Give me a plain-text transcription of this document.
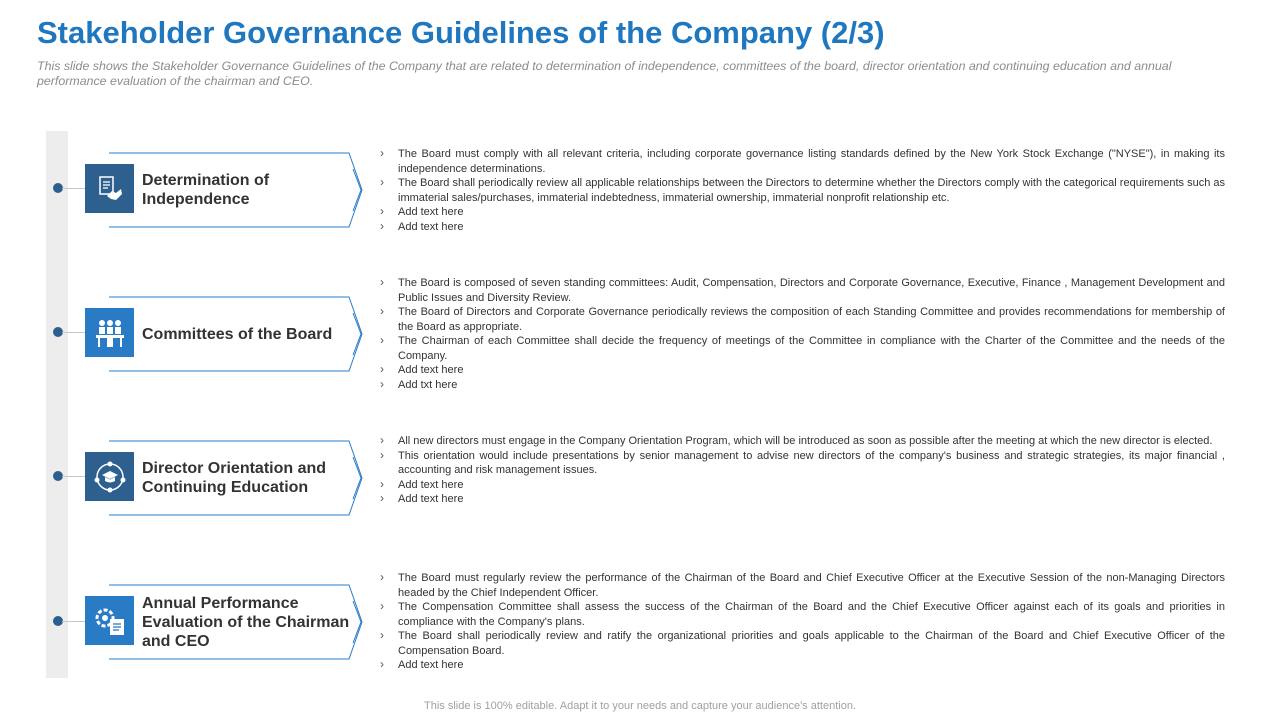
Stakeholder Governance Guidelines of the Company (2/3)
This slide shows the Stakeholder Governance Guidelines of the Company that are related to determination of independence, committees of the board, director orientation and continuing education and annual performance evaluation of the chairman and CEO.
Determination of Independence
› The Board must comply with all relevant criteria, including corporate governance listing standards defined by the New York Stock Exchange ("NYSE"), in making its independence determinations.
› The Board shall periodically review all applicable relationships between the Directors to determine whether the Directors comply with the categorical requirements such as immaterial sales/purchases, immaterial indebtedness, immaterial ownership, immaterial nonprofit relationship etc.
› Add text here
› Add text here
Committees of the Board
› The Board is composed of seven standing committees: Audit, Compensation, Directors and Corporate Governance, Executive, Finance , Management Development and Public Issues and Diversity Review.
› The Board of Directors and Corporate Governance periodically reviews the composition of each Standing Committee and provides recommendations for membership of the Board as appropriate.
› The Chairman of each Committee shall decide the frequency of meetings of the Committee in compliance with the Charter of the Committee and the needs of the Company.
› Add text here
› Add txt here
Director Orientation and Continuing Education
› All new directors must engage in the Company Orientation Program, which will be introduced as soon as possible after the meeting at which the new director is elected.
› This orientation would include presentations by senior management to advise new directors of the company's business and strategic strategies, its major financial , accounting and risk management issues.
› Add text here
› Add text here
Annual Performance Evaluation of the Chairman and CEO
› The Board must regularly review the performance of the Chairman of the Board and Chief Executive Officer at the Executive Session of the non-Managing Directors headed by the Chief Independent Officer.
› The Compensation Committee shall assess the success of the Chairman of the Board and the Chief Executive Officer against each of its goals and priorities in compliance with the Company's plans.
› The Board shall periodically review and ratify the organizational priorities and goals applicable to the Chairman of the Board and Chief Executive Officer of the Compensation Board.
› Add text here
This slide is 100% editable. Adapt it to your needs and capture your audience's attention.
